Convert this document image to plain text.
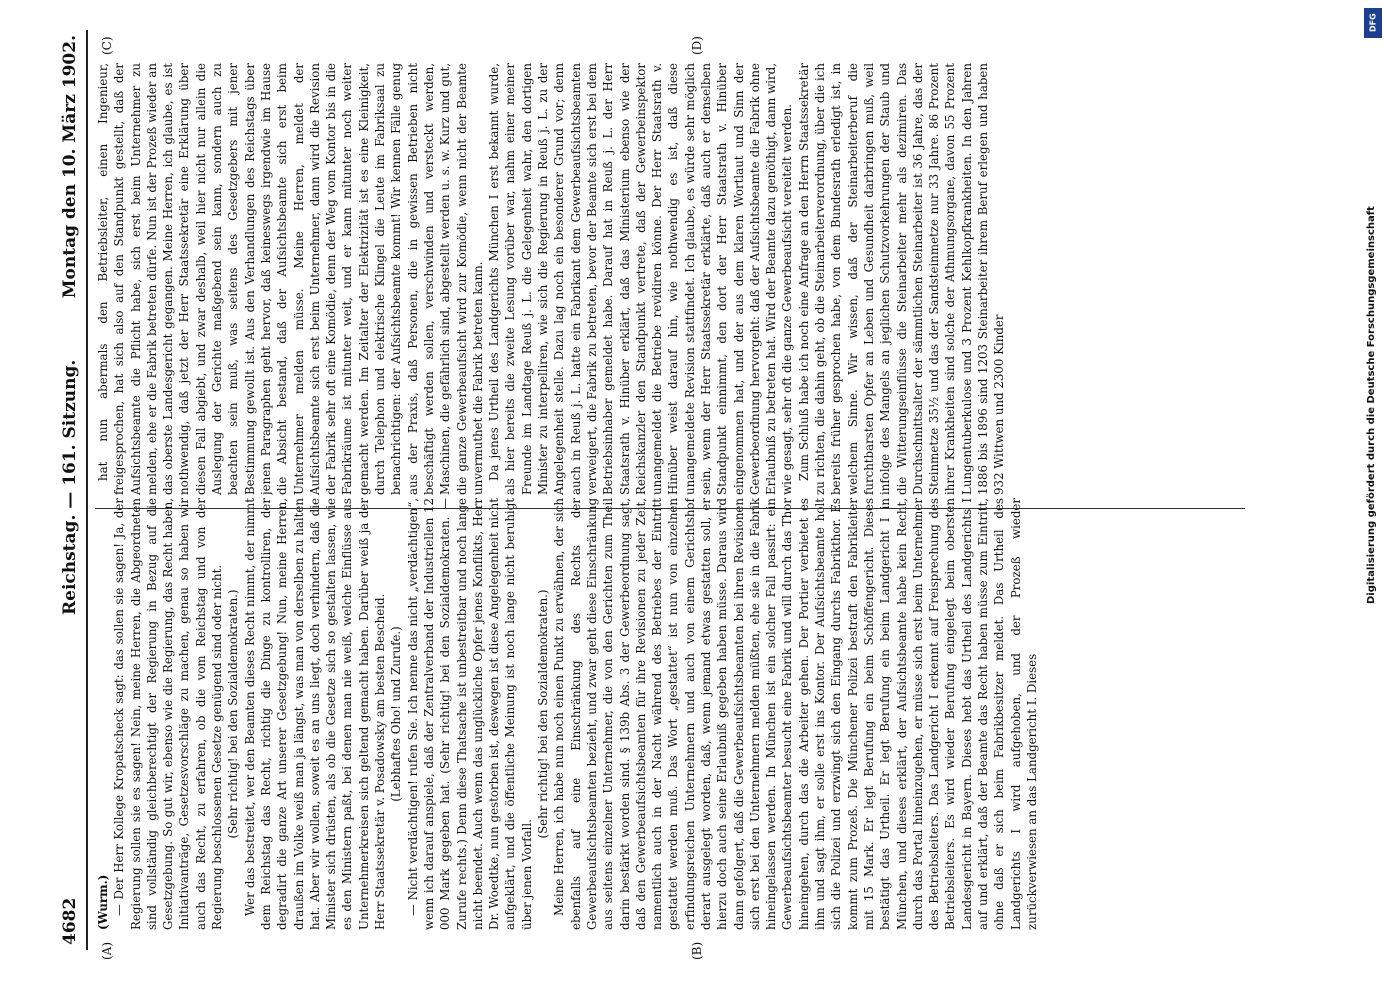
4682
Reichstag. — 161. Sitzung.
Montag den 10. März 1902.
(A)	(B)
(C)	(D)

(Wurm.) — Der Herr Kollege Kropatscheck sagt: das sollen sie sagen! Ja, der Regierung sollen sie es sagen! Nein, meine Herren, die Abgeordneten sind vollständig gleichberechtigt der Regierung in Bezug auf die Gesetzgebung. So gut wir, ebenso wie die Regierung, das Recht haben, Initiativanträge, Gesetzesvorschläge zu machen, genau so haben wir auch das Recht, zu erfahren, ob die vom Reichstag und von der Regierung beschlossenen Gesetze genügend sind oder nicht. (Sehr richtig! bei den Sozialdemokraten.) Wer das bestreitet, wer den Beamten dieses Recht nimmt, der nimmt dem Reichstag das Recht, richtig die Dinge zu kontrolliren, der degradirt die ganze Art unserer Gesetzgebung! Nun, meine Herren, draußen im Volke weiß man ja längst, was man von derselben zu halten hat. Aber wir wollen, soweit es an uns liegt, doch verhindern, daß die Minister sich drüsten, als ob die Gesetze sich so gestalten lassen, wie es den Ministern paßt, bei denen man nie weiß, welche Einflüsse aus Unternehmerkreisen sich geltend gemacht haben. Darüber weiß ja der Herr Staatssekretär v. Posadowsky am besten Bescheid. (Lebhaftes Oho! und Zurufe.) — Nicht verdächtigen! rufen Sie. Ich nenne das nicht „verdächtigen“, wenn ich darauf anspiele, daß der Zentralverband der Industriellen 12 000 Mark gegeben hat. (Sehr richtig! bei den Sozialdemokraten. — Zurufe rechts.) Denn diese Thatsache ist unbestreitbar und noch lange nicht beendet. Auch wenn das unglückliche Opfer jenes Konflikts, Herr Dr. Woedtke, nun gestorben ist, deswegen ist diese Angelegenheit nicht aufgeklärt, und die öffentliche Meinung ist noch lange nicht beruhigt über jenen Vorfall.

(Sehr richtig! bei den Sozialdemokraten.) Meine Herren, ich habe nun noch einen Punkt zu erwähnen, der sich ebenfalls auf eine Einschränkung des Rechts der Gewerbeaufsichtsbeamten bezieht, und zwar geht diese Einschränkung aus seitens einzelner Unternehmer, die von den Gerichten zum Theil darin bestärkt worden sind. § 139b Abs. 3 der Gewerbeordnung sagt, daß den Gewerbeaufsichtsbeamten für ihre Revisionen zu jeder Zeit, namentlich auch in der Nacht während des Betriebes der Eintritt gestattet werden muß. Das Wort „gestattet“ ist nun von einzelnen erfindungsreichen Unternehmern und auch von einem Gerichtshof derart ausgelegt worden, daß, wenn jemand etwas gestatten soll, er hierzu doch auch seine Erlaubniß gegeben haben müsse. Daraus wird dann gefolgert, daß die Gewerbeaufsichtsbeamten bei ihren Revisionen sich erst bei den Unternehmern melden müßten, ehe sie in die Fabrik hineingelassen werden. In München ist ein solcher Fall passirt: ein Gewerbeaufsichtsbeamter besucht eine Fabrik und will durch das Thor hineingehen, durch das die Arbeiter gehen. Der Portier verbietet es ihm und sagt ihm, er solle erst ins Kontor. Der Aufsichtsbeamte holt sich die Polizei und erzwingt sich den Eingang durchs Fabrikthor. Es kommt zum Prozeß. Die Münchener Polizei bestraft den Fabrikleiter mit 15 Mark. Er legt Berufung ein beim Schöffengericht. Dieses bestätigt das Urtheil. Er legt Berufung ein beim Landgericht I in München, und dieses erklärt, der Aufsichtsbeamte habe kein Recht, durch das Portal hineinzugehen, er müsse sich erst beim Unternehmer des Betriebsleiters. Das Landgericht I erkennt auf Freisprechung des Betriebsleiters. Es wird wieder Berufung eingelegt beim obersten Landesgericht in Bayern. Dieses hebt das Urtheil des Landgerichts I auf und erklärt, daß der Beamte das Recht haben müsse zum Eintritt, ohne daß er sich beim Fabrikbesitzer meldet. Das Urtheil des Landgerichts I wird aufgehoben, und der Prozeß wieder zurückverwiesen an das Landgericht I. Dieses

hat nun abermals den Betriebsleiter, einen Ingenieur, freigesprochen, hat sich also auf den Standpunkt gestellt, daß der Aufsichtsbeamte die Pflicht habe, sich erst beim Unternehmer zu melden, ehe er die Fabrik betreten dürfe. Nun ist der Prozeß wieder an das oberste Landesgericht gegangen. Meine Herren, ich glaube, es ist nothwendig, daß jetzt der Herr Staatssekretär eine Erklärung über diesen Fall abgiebt, und zwar deshalb, weil hier nicht nur allein die Auslegung der Gerichte maßgebend sein kann, sondern auch zu beachten sein muß, was seitens des Gesetzgebers mit jener Bestimmung gewollt ist. Aus den Verhandlungen des Reichstags über jenen Paragraphen geht hervor, daß keineswegs irgendwie im Hause die Absicht bestand, daß der Aufsichtsbeamte sich erst beim Unternehmer melden müsse. Meine Herren, meldet der Aufsichtsbeamte sich erst beim Unternehmer, dann wird die Revision der Fabrik sehr oft eine Komödie, denn der Weg vom Kontor bis in die Fabrikräume ist mitunter weit, und er kann mitunter noch weiter gemacht werden. Im Zeitalter der Elektrizität ist es eine Kleinigkeit, durch Telephon und elektrische Klingel die Leute im Fabriksaal zu benachrichtigen: der Aufsichtsbeamte kommt! Wir kennen Fälle genug aus der Praxis, daß Personen, die in gewissen Betrieben nicht beschäftigt werden sollen, verschwinden und versteckt werden, Maschinen, die gefährlich sind, abgestellt werden u. s. w. Kurz und gut, die ganze Gewerbeaufsicht wird zur Komödie, wenn nicht der Beamte unvermuthet die Fabrik betreten kann. Da jenes Urtheil des Landgerichts München I erst bekannt wurde, als hier bereits die zweite Lesung vorüber war, nahm einer meiner Freunde im Landtage Reuß j. L. die Gelegenheit wahr, den dortigen Minister zu interpelliren, wie sich die Regierung in Reuß j. L. zu der Angelegenheit stelle. Dazu lag noch ein besonderer Grund vor; denn auch in Reuß j. L. hatte ein Fabrikant dem Gewerbeaufsichtsbeamten verweigert, die Fabrik zu betreten, bevor der Beamte sich erst bei dem Betriebsinhaber gemeldet habe. Darauf hat in Reuß j. L. der Herr Staatsrath v. Hinüber erklärt, daß das Ministerium ebenso wie der Reichskanzler den Standpunkt vertrete, daß der Gewerbeinspektor unangemeldet die Betriebe revidiren könne. Der Herr Staatsrath v. Hinüber weist darauf hin, wie nothwendig es ist, daß diese unangemeldete Revision stattfindet. Ich glaube, es würde sehr möglich sein, wenn der Herr Staatssekretär erklärte, daß auch er denselben Standpunkt einnimmt, den dort der Herr Staatsrath v. Hinüber eingenommen hat, und der aus dem klaren Wortlaut und Sinn der Gewerbeordnung hervorgeht: daß der Aufsichtsbeamte die Fabrik ohne Erlaubniß zu betreten hat. Wird der Beamte dazu genöthigt, dann wird, wie gesagt, sehr oft die ganze Gewerbeaufsicht vereitelt werden. Zum Schluß habe ich noch eine Anfrage an den Herrn Staatssekretär zu richten, die dahin geht, ob die Steinarbeiterverordnung, über die ich bereits früher gesprochen habe, von dem Bundesrath erledigt ist, in welchem Sinne. Wir wissen, daß der Steinarbeiterberuf die furchtbarsten Opfer an Leben und Gesundheit darbringen muß, weil infolge des Mangels an jeglichen Schutzvorkehrungen der Staub und die Witterungseinflüsse die Steinarbeiter mehr als dezimiren. Das Durchschnittsalter der sämmtlichen Steinarbeiter ist 36 Jahre, das der Steinmetze 35½ und das der Sandsteinmetze nur 33 Jahre. 86 Prozent ihrer Krankheiten sind solche der Athmungsorgane, davon 55 Prozent Lungentuberkulose und 3 Prozent Kehlkopfkrankheiten. In den Jahren 1886 bis 1896 sind 1203 Steinarbeiter ihrem Beruf erlegen und haben 932 Wittwen und 2300 Kinder

DFG
Digitalisierung gefördert durch die Deutsche Forschungsgemeinschaft
